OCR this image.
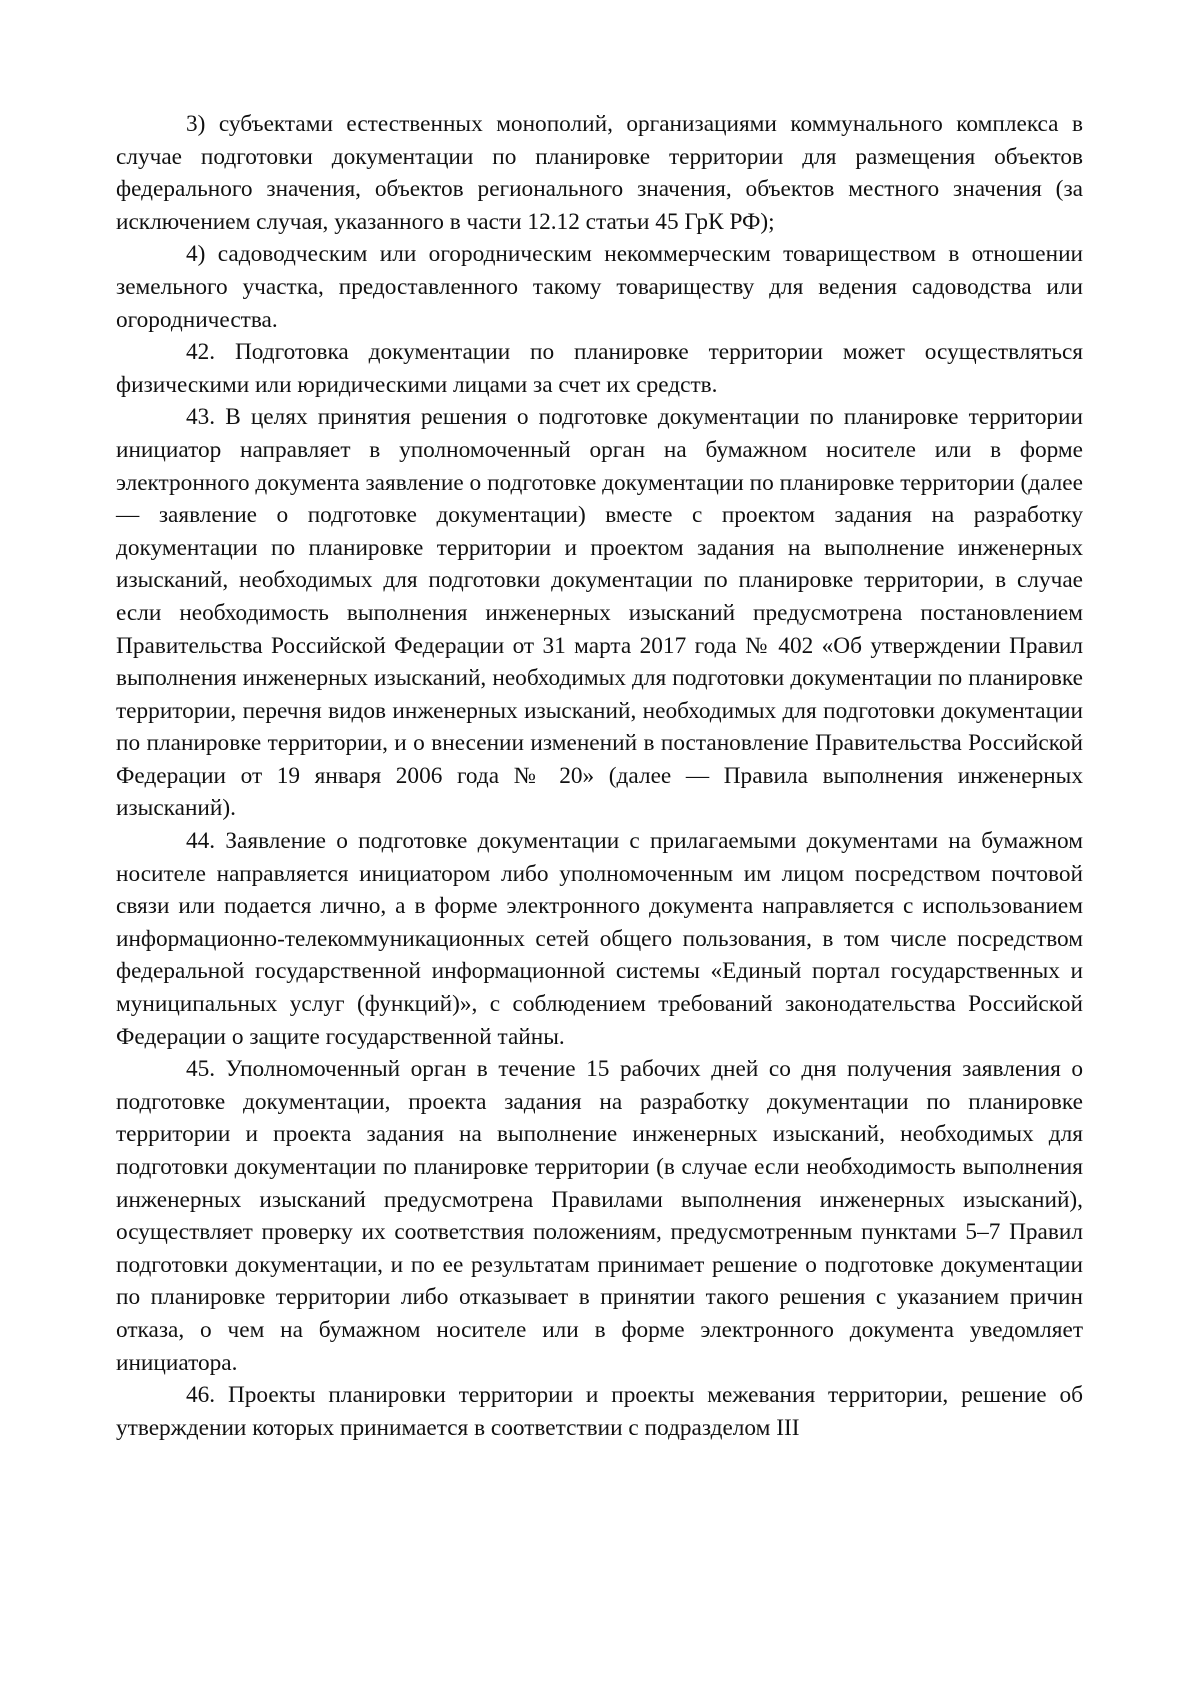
3) субъектами естественных монополий, организациями коммунального комплекса в случае подготовки документации по планировке территории для размещения объектов федерального значения, объектов регионального значения, объектов местного значения (за исключением случая, указанного в части 12.12 статьи 45 ГрК РФ);

4) садоводческим или огородническим некоммерческим товариществом в отношении земельного участка, предоставленного такому товариществу для ведения садоводства или огородничества.

42. Подготовка документации по планировке территории может осуществляться физическими или юридическими лицами за счет их средств.

43. В целях принятия решения о подготовке документации по планировке территории инициатор направляет в уполномоченный орган на бумажном носителе или в форме электронного документа заявление о подготовке документации по планировке территории (далее — заявление о подготовке документации) вместе с проектом задания на разработку документации по планировке территории и проектом задания на выполнение инженерных изысканий, необходимых для подготовки документации по планировке территории, в случае если необходимость выполнения инженерных изысканий предусмотрена постановлением Правительства Российской Федерации от 31 марта 2017 года № 402 «Об утверждении Правил выполнения инженерных изысканий, необходимых для подготовки документации по планировке территории, перечня видов инженерных изысканий, необходимых для подготовки документации по планировке территории, и о внесении изменений в постановление Правительства Российской Федерации от 19 января 2006 года № 20» (далее — Правила выполнения инженерных изысканий).

44. Заявление о подготовке документации с прилагаемыми документами на бумажном носителе направляется инициатором либо уполномоченным им лицом посредством почтовой связи или подается лично, а в форме электронного документа направляется с использованием информационно-телекоммуникационных сетей общего пользования, в том числе посредством федеральной государственной информационной системы «Единый портал государственных и муниципальных услуг (функций)», с соблюдением требований законодательства Российской Федерации о защите государственной тайны.

45. Уполномоченный орган в течение 15 рабочих дней со дня получения заявления о подготовке документации, проекта задания на разработку документации по планировке территории и проекта задания на выполнение инженерных изысканий, необходимых для подготовки документации по планировке территории (в случае если необходимость выполнения инженерных изысканий предусмотрена Правилами выполнения инженерных изысканий), осуществляет проверку их соответствия положениям, предусмотренным пунктами 5–7 Правил подготовки документации, и по ее результатам принимает решение о подготовке документации по планировке территории либо отказывает в принятии такого решения с указанием причин отказа, о чем на бумажном носителе или в форме электронного документа уведомляет инициатора.

46. Проекты планировки территории и проекты межевания территории, решение об утверждении которых принимается в соответствии с подразделом III
